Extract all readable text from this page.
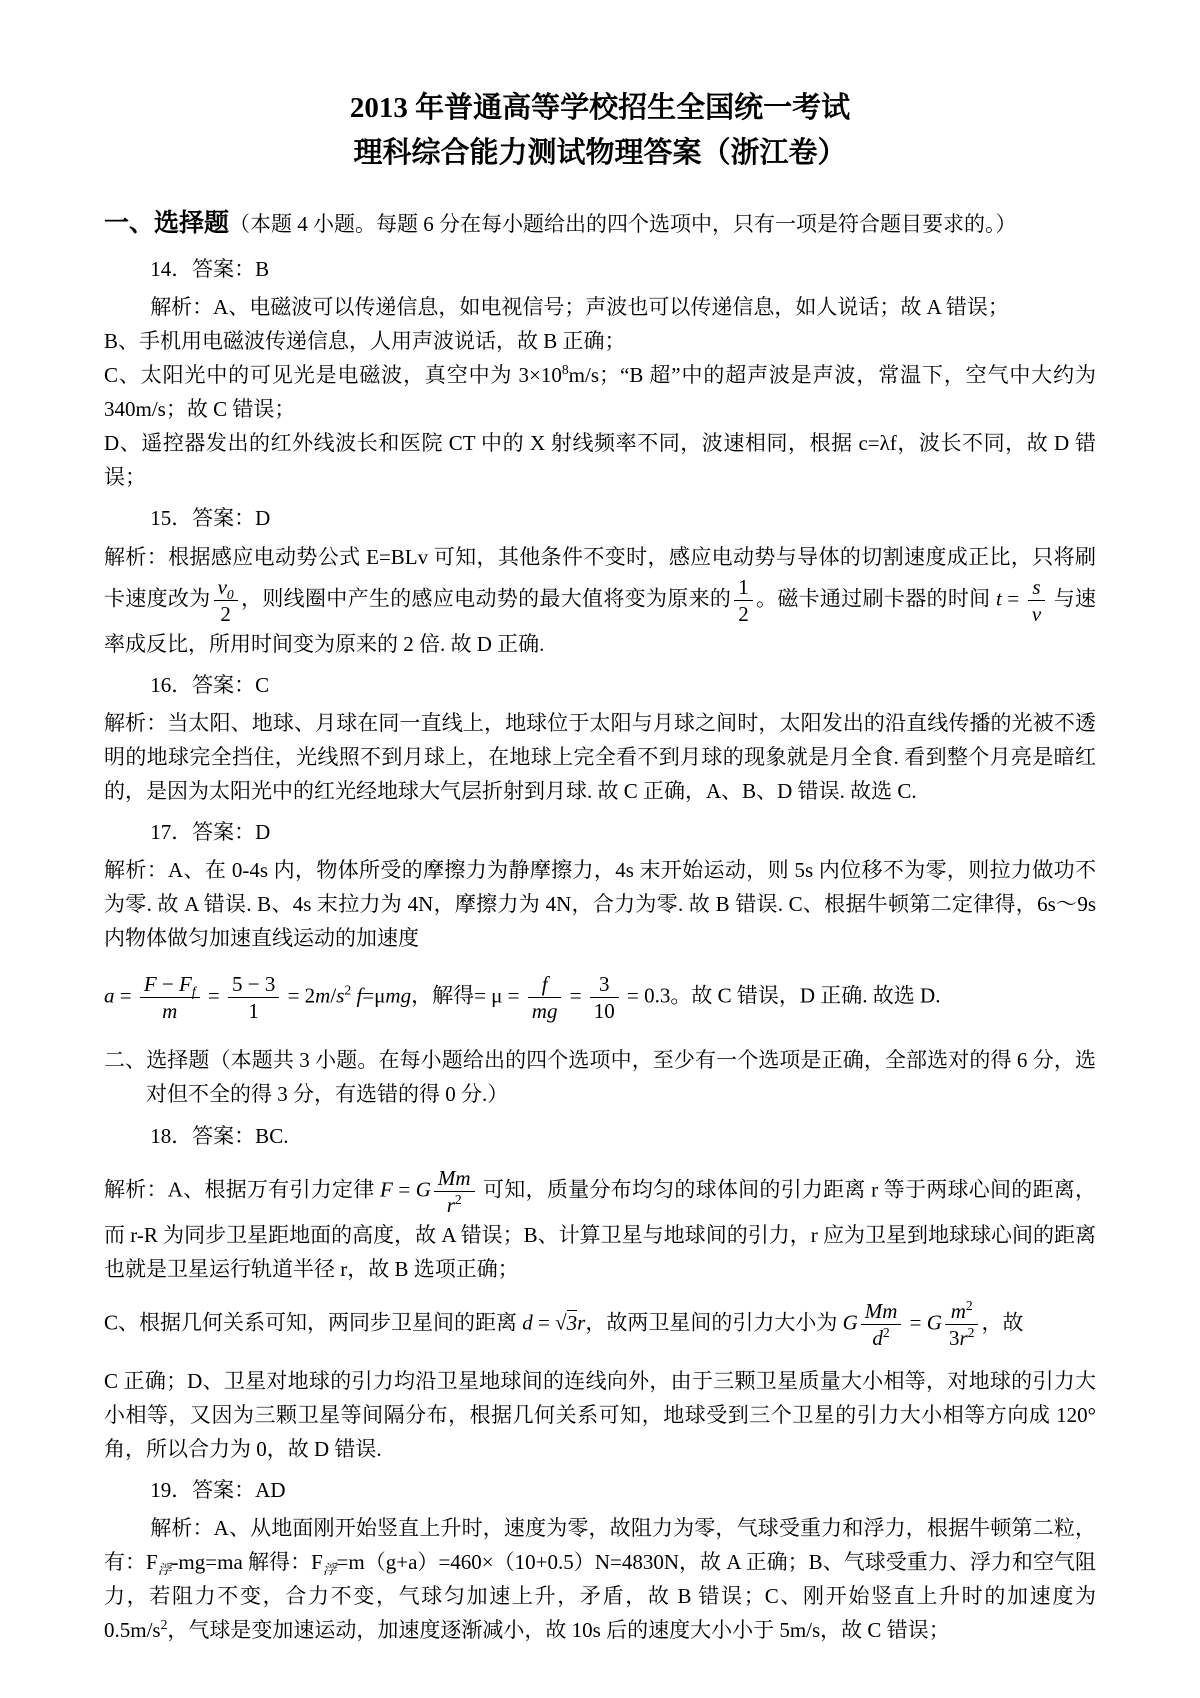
2013 年普通高等学校招生全国统一考试
理科综合能力测试物理答案（浙江卷）

一、选择题（本题 4 小题。每题 6 分在每小题给出的四个选项中，只有一项是符合题目要求的。）

14．答案：B

解析：A、电磁波可以传递信息，如电视信号；声波也可以传递信息，如人说话；故 A 错误；

B、手机用电磁波传递信息，人用声波说话，故 B 正确；

C、太阳光中的可见光是电磁波，真空中为 $3\times 10^8m/s$；“B 超”中的超声波是声波，常温下，空气中大约为 340m/s；故 C 错误；

D、遥控器发出的红外线波长和医院 CT 中的 X 射线频率不同，波速相同，根据 c=λf，波长不同，故 D 错误；

15．答案：D

解析：根据感应电动势公式 E=BLv 可知，其他条件不变时，感应电动势与导体的切割速度成正比，只将刷卡速度改为 $\frac{v_0}{2}$ ，则线圈中产生的感应电动势的最大值将变为原来的 $\frac{1}{2}$ 。磁卡通过刷卡器的时间 $t = \frac{s}{v}$ 与速率成反比，所用时间变为原来的 2 倍. 故 D 正确.

16．答案：C

解析：当太阳、地球、月球在同一直线上，地球位于太阳与月球之间时，太阳发出的沿直线传播的光被不透明的地球完全挡住，光线照不到月球上，在地球上完全看不到月球的现象就是月全食. 看到整个月亮是暗红的，是因为太阳光中的红光经地球大气层折射到月球. 故 C 正确，A、B、D 错误. 故选 C.

17．答案：D

解析：A、在 0-4s 内，物体所受的摩擦力为静摩擦力，4s 末开始运动，则 5s 内位移不为零，则拉力做功不为零. 故 A 错误. B、4s 末拉力为 4N，摩擦力为 4N，合力为零. 故 B 错误. C、根据牛顿第二定律得，6s～9s 内物体做匀加速直线运动的加速度

$a = \frac{F - F_f}{m} = \frac{5 - 3}{1} = 2m/s^2$ f=μmg，解得= $\mu = \frac{f}{mg} = \frac{3}{10} = 0.3$。故 C 错误，D 正确. 故选 D.

二、选择题（本题共 3 小题。在每小题给出的四个选项中，至少有一个选项是正确，全部选对的得 6 分，选对但不全的得 3 分，有选错的得 0 分.）

18．答案：BC.

解析：A、根据万有引力定律 F = G $\frac{Mm}{r^2}$ 可知，质量分布均匀的球体间的引力距离 r 等于两球心间的距离，而 r-R 为同步卫星距地面的高度，故 A 错误；B、计算卫星与地球间的引力，r 应为卫星到地球球心间的距离也就是卫星运行轨道半径 r，故 B 选项正确；

C、根据几何关系可知，两同步卫星间的距离 d = √3r，故两卫星间的引力大小为 G $\frac{Mm}{d^2} = G \frac{m^2}{3r^2}$ ，故

C 正确；D、卫星对地球的引力均沿卫星地球间的连线向外，由于三颗卫星质量大小相等，对地球的引力大小相等，又因为三颗卫星等间隔分布，根据几何关系可知，地球受到三个卫星的引力大小相等方向成 120°角，所以合力为 0，故 D 错误.

19．答案：AD

解析：A、从地面刚开始竖直上升时，速度为零，故阻力为零，气球受重力和浮力，根据牛顿第二粒，有：$F_浮-mg=ma$ 解得：$F_浮=m(g+a)=460\times(10+0.5)N=4830N$，故 A 正确；B、气球受重力、浮力和空气阻力，若阻力不变，合力不变，气球匀加速上升，矛盾，故 B 错误；C、刚开始竖直上升时的加速度为 $0.5m/s^2$，气球是变加速运动，加速度逐渐减小，故 10s 后的速度大小小于 5m/s，故 C 错误；
